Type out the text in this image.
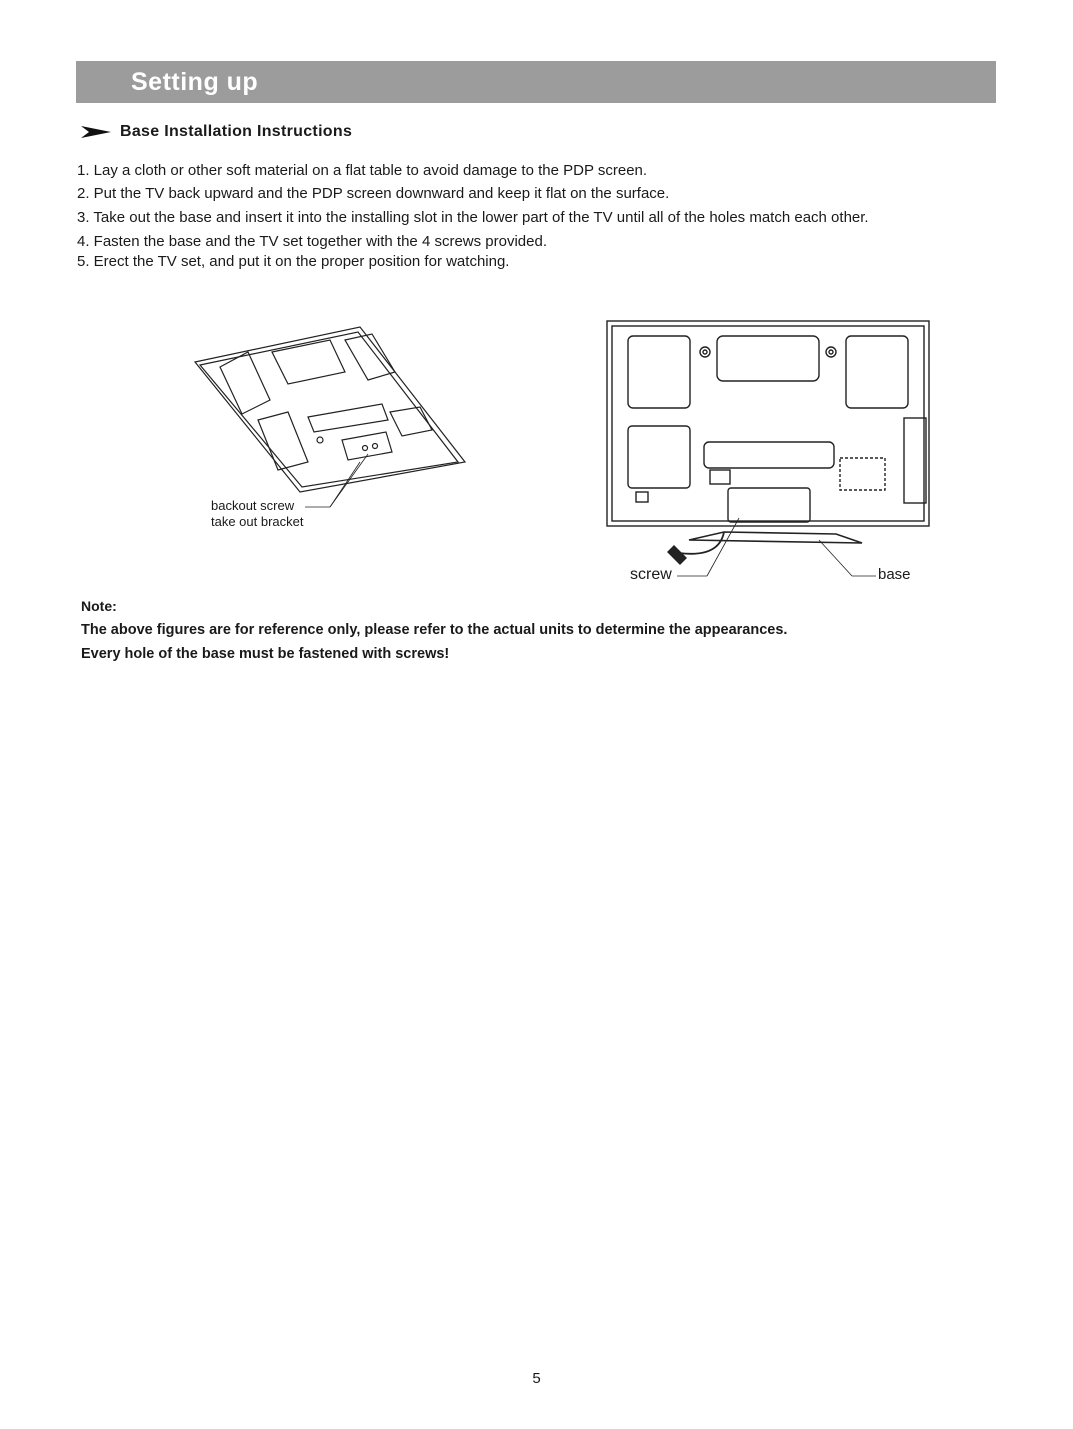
Setting up
Base Installation Instructions
1. Lay a cloth or other soft material on a flat table to avoid damage to the PDP screen.
2. Put the TV back upward and the PDP screen downward and keep it flat on the surface.
3. Take out the base and insert it into the installing slot in the lower part of the TV until all of the holes match each other.
4. Fasten the base and the TV set together with the 4 screws provided.
5. Erect the TV set, and put it on the proper position for watching.
backout screw
take out bracket
screw	base
Note:
The above figures are for reference only, please refer to the actual units to determine the appearances.
Every hole of the base must be fastened with screws!
5
